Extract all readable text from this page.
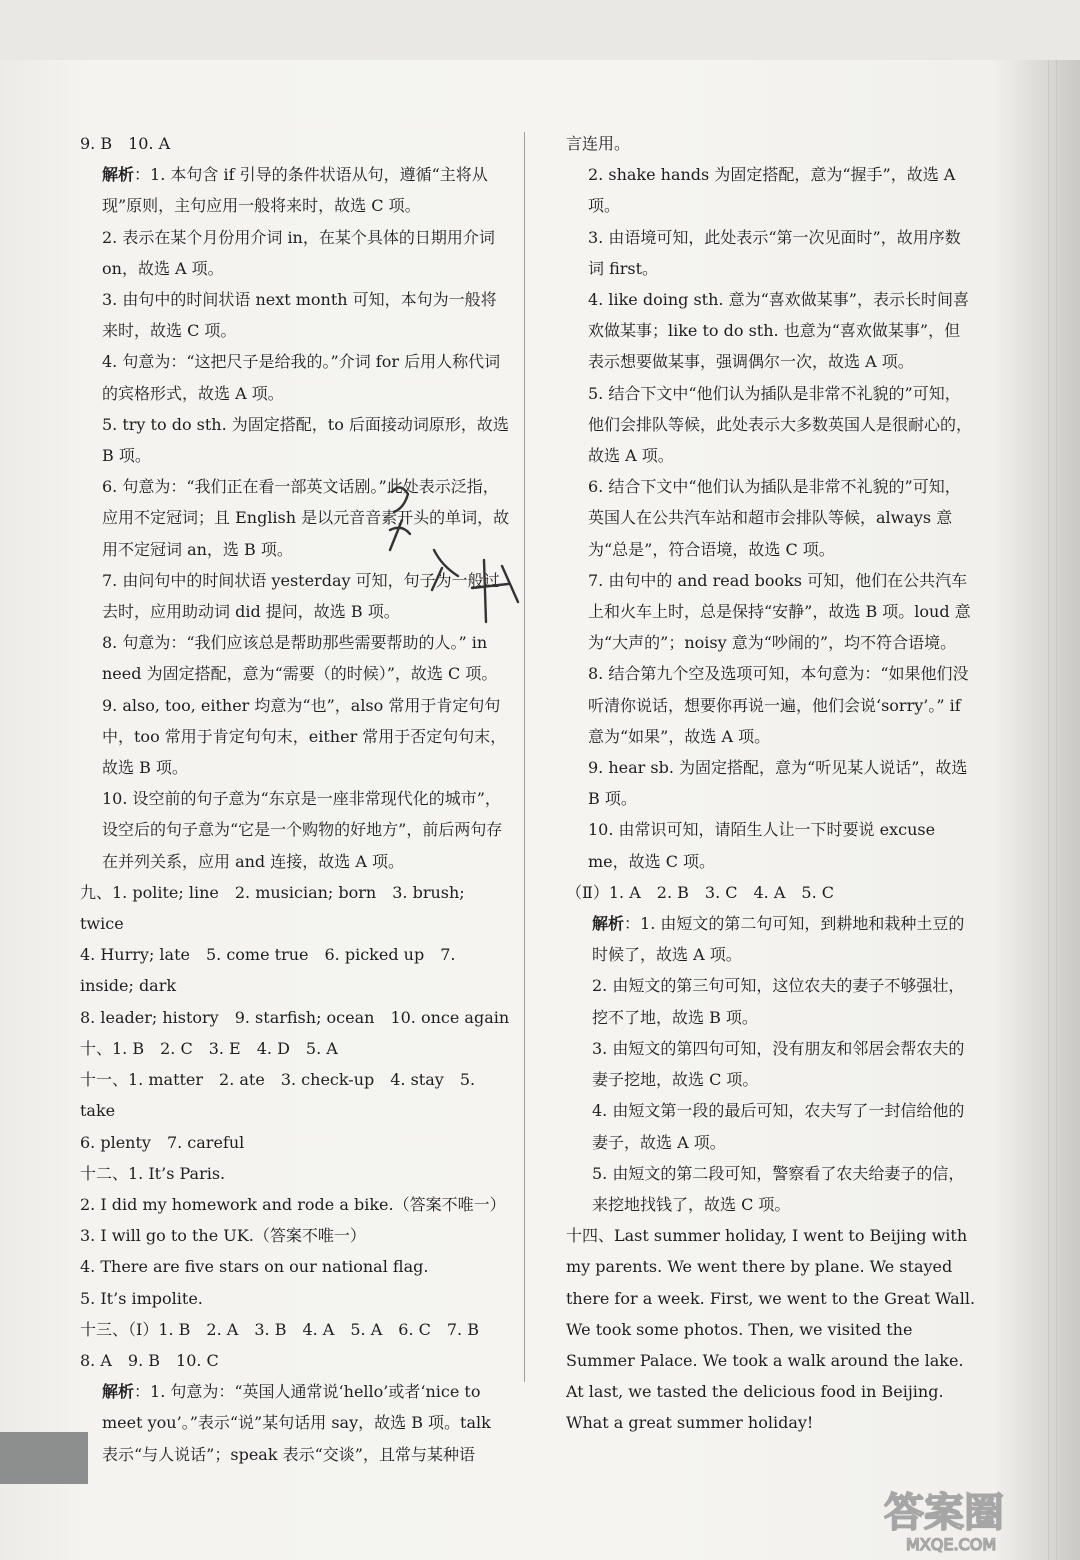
9. B　10. A

解析：1. 本句含 if 引导的条件状语从句，遵循“主将从现”原则，主句应用一般将来时，故选 C 项。

2. 表示在某个月份用介词 in，在某个具体的日期用介词 on，故选 A 项。

3. 由句中的时间状语 next month 可知，本句为一般将来时，故选 C 项。

4. 句意为：“这把尺子是给我的。”介词 for 后用人称代词的宾格形式，故选 A 项。

5. try to do sth. 为固定搭配，to 后面接动词原形，故选 B 项。

6. 句意为：“我们正在看一部英文话剧。”此处表示泛指，应用不定冠词；且 English 是以元音音素开头的单词，故用不定冠词 an，选 B 项。

7. 由问句中的时间状语 yesterday 可知，句子为一般过去时，应用助动词 did 提问，故选 B 项。

8. 句意为：“我们应该总是帮助那些需要帮助的人。” in need 为固定搭配，意为“需要（的时候）”，故选 C 项。

9. also, too, either 均意为“也”，also 常用于肯定句句中，too 常用于肯定句句末，either 常用于否定句句末，故选 B 项。

10. 设空前的句子意为“东京是一座非常现代化的城市”，设空后的句子意为“它是一个购物的好地方”，前后两句存在并列关系，应用 and 连接，故选 A 项。

九、1. polite; line　2. musician; born　3. brush; twice

4. Hurry; late　5. come true　6. picked up　7. inside; dark

8. leader; history　9. starfish; ocean　10. once again

十、1. B　2. C　3. E　4. D　5. A

十一、1. matter　2. ate　3. check-up　4. stay　5. take

6. plenty　7. careful

十二、1. It’s Paris.

2. I did my homework and rode a bike.（答案不唯一）

3. I will go to the UK.（答案不唯一）

4. There are five stars on our national flag.

5. It’s impolite.

十三、（Ⅰ）1. B　2. A　3. B　4. A　5. A　6. C　7. B

8. A　9. B　10. C

解析：1. 句意为：“英国人通常说‘hello’或者‘nice to meet you’。”表示“说”某句话用 say，故选 B 项。talk 表示“与人说话”；speak 表示“交谈”，且常与某种语

言连用。

2. shake hands 为固定搭配，意为“握手”，故选 A 项。

3. 由语境可知，此处表示“第一次见面时”，故用序数词 first。

4. like doing sth. 意为“喜欢做某事”，表示长时间喜欢做某事；like to do sth. 也意为“喜欢做某事”，但表示想要做某事，强调偶尔一次，故选 A 项。

5. 结合下文中“他们认为插队是非常不礼貌的”可知，他们会排队等候，此处表示大多数英国人是很耐心的，故选 A 项。

6. 结合下文中“他们认为插队是非常不礼貌的”可知，英国人在公共汽车站和超市会排队等候，always 意为“总是”，符合语境，故选 C 项。

7. 由句中的 and read books 可知，他们在公共汽车上和火车上时，总是保持“安静”，故选 B 项。loud 意为“大声的”；noisy 意为“吵闹的”，均不符合语境。

8. 结合第九个空及选项可知，本句意为：“如果他们没听清你说话，想要你再说一遍，他们会说‘sorry’。” if 意为“如果”，故选 A 项。

9. hear sb. 为固定搭配，意为“听见某人说话”，故选 B 项。

10. 由常识可知，请陌生人让一下时要说 excuse me，故选 C 项。

（Ⅱ）1. A　2. B　3. C　4. A　5. C

解析：1. 由短文的第二句可知，到耕地和栽种土豆的时候了，故选 A 项。

2. 由短文的第三句可知，这位农夫的妻子不够强壮，挖不了地，故选 B 项。

3. 由短文的第四句可知，没有朋友和邻居会帮农夫的妻子挖地，故选 C 项。

4. 由短文第一段的最后可知，农夫写了一封信给他的妻子，故选 A 项。

5. 由短文的第二段可知，警察看了农夫给妻子的信，来挖地找钱了，故选 C 项。

十四、Last summer holiday, I went to Beijing with my parents. We went there by plane. We stayed there for a week. First, we went to the Great Wall. We took some photos. Then, we visited the Summer Palace. We took a walk around the lake. At last, we tasted the delicious food in Beijing. What a great summer holiday!

答案圈
MXQE.COM
